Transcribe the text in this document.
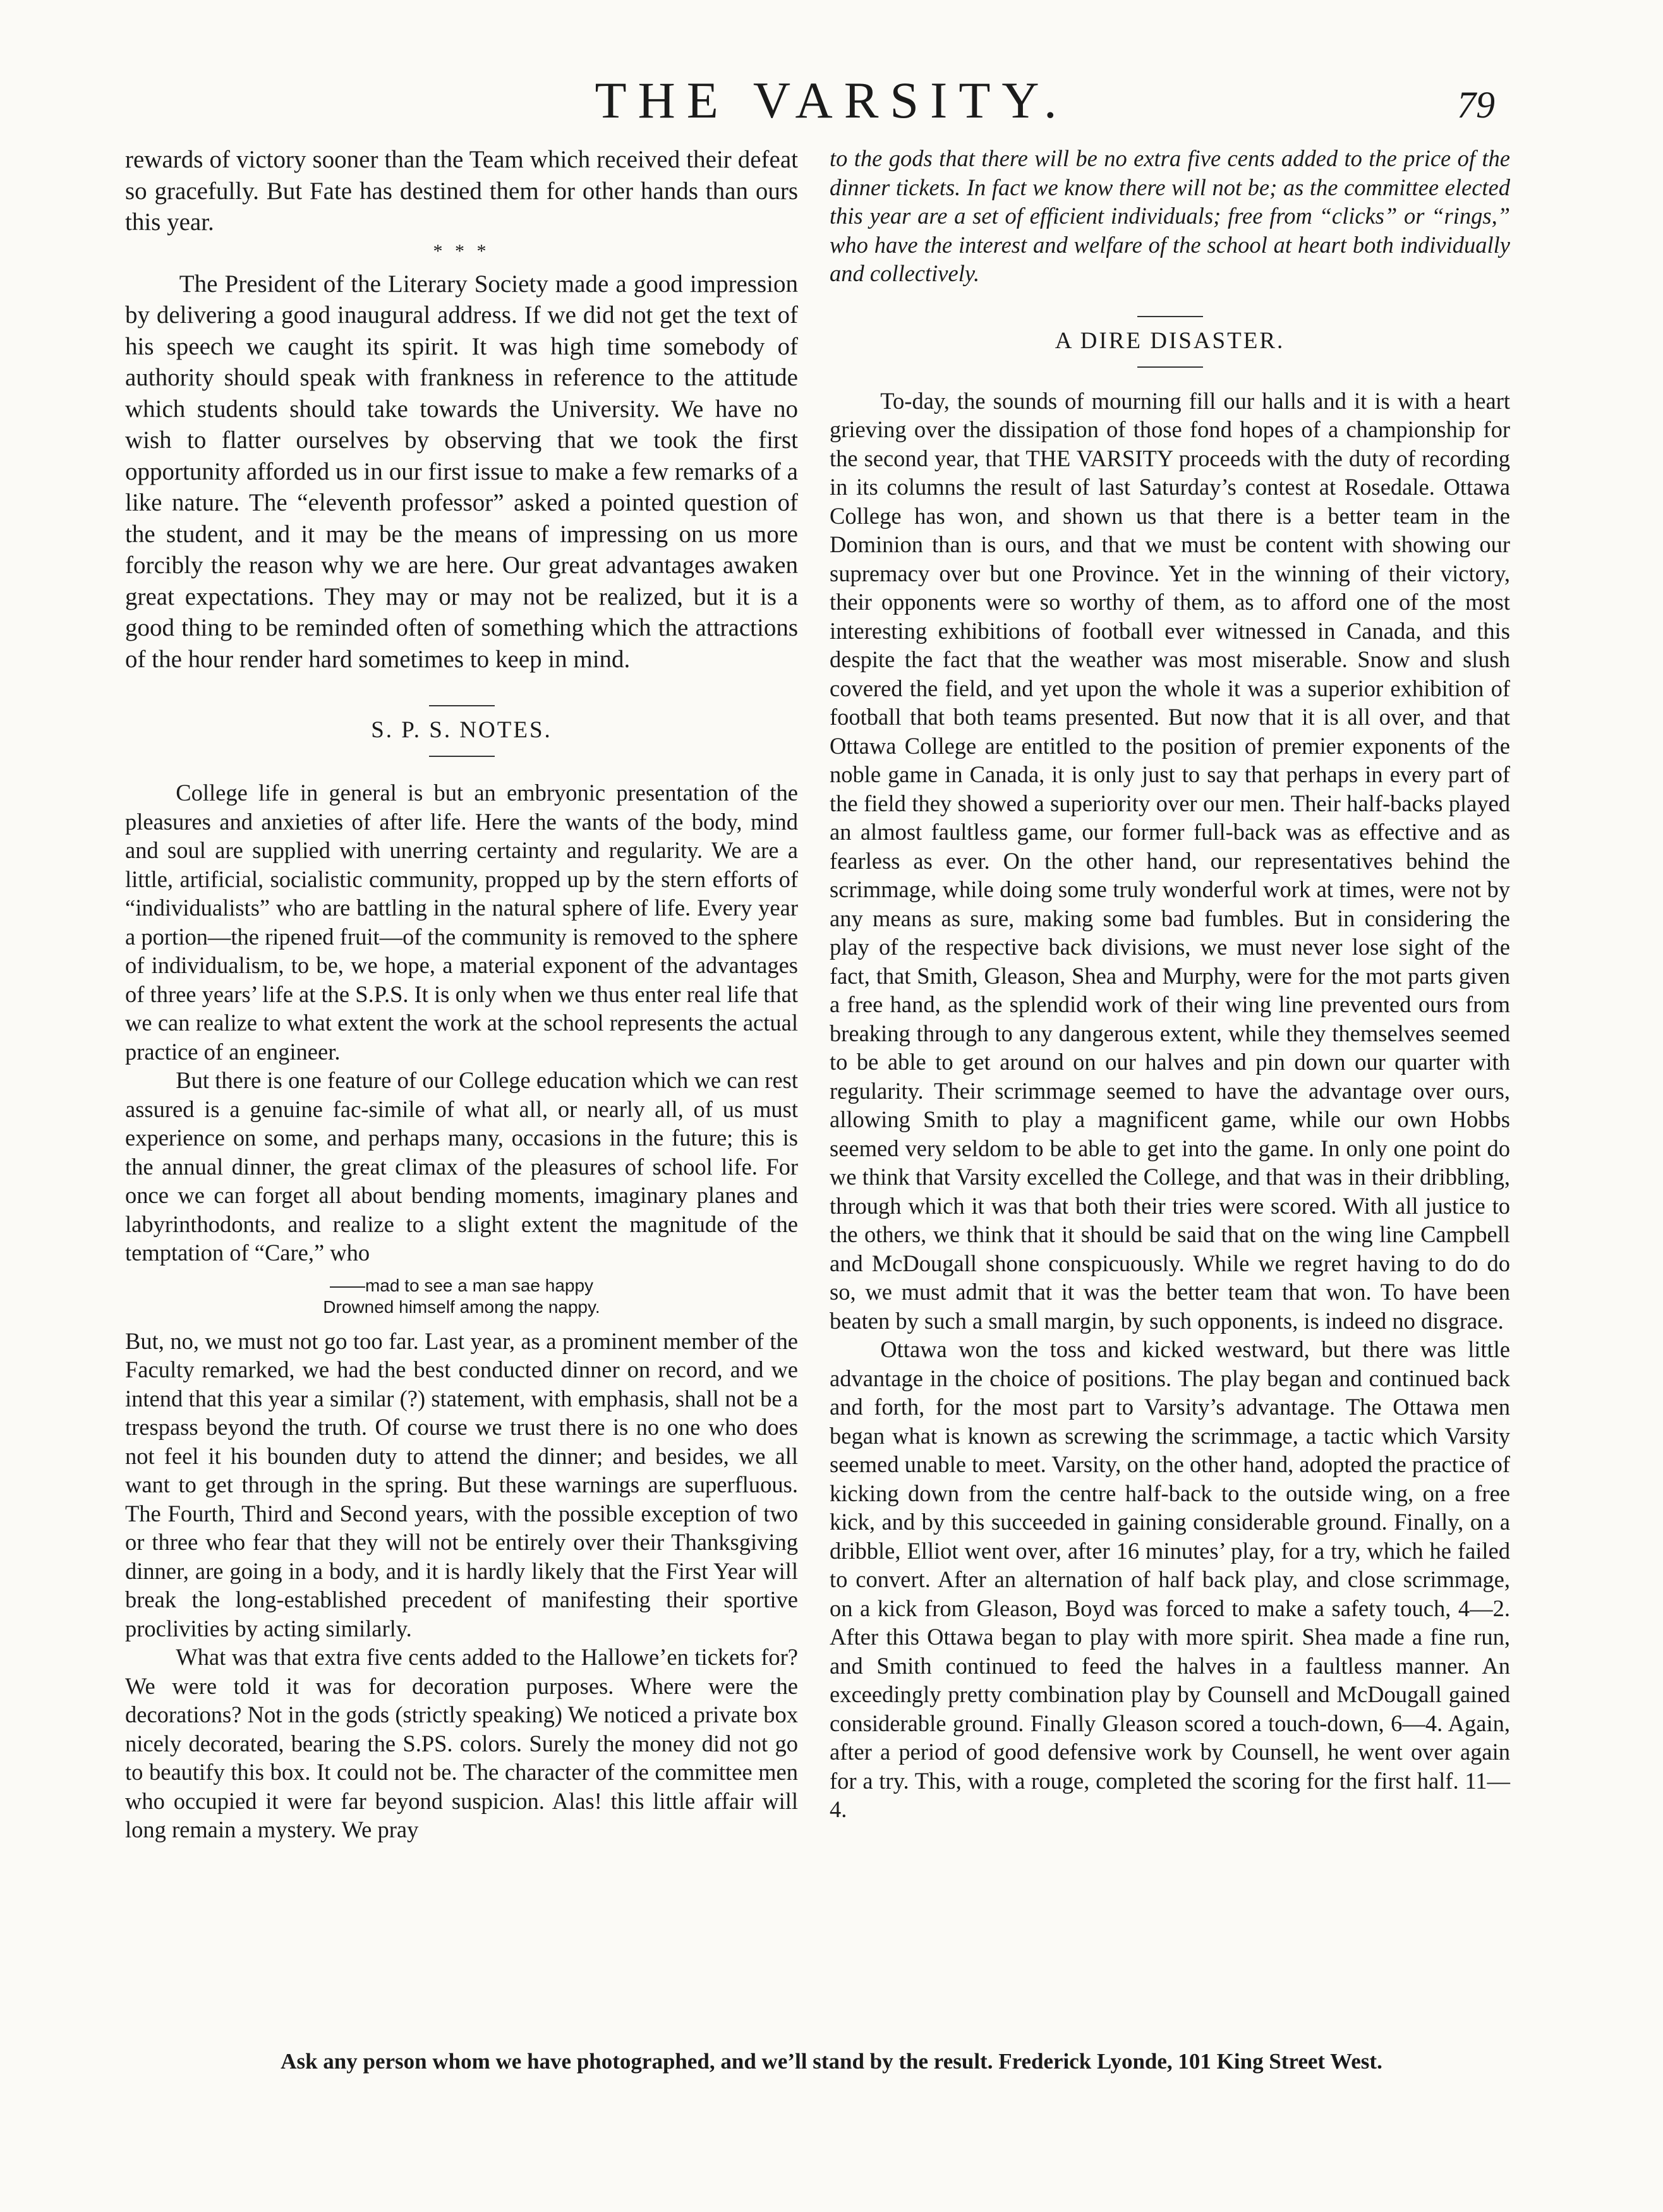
THE VARSITY.	79

rewards of victory sooner than the Team which received their defeat so gracefully. But Fate has destined them for other hands than ours this year.

* * *

The President of the Literary Society made a good impression by delivering a good inaugural address. If we did not get the text of his speech we caught its spirit. It was high time somebody of authority should speak with frankness in reference to the attitude which students should take towards the University. We have no wish to flatter ourselves by observing that we took the first opportunity afforded us in our first issue to make a few remarks of a like nature. The “eleventh professor” asked a pointed question of the student, and it may be the means of impressing on us more forcibly the reason why we are here. Our great advantages awaken great expectations. They may or may not be realized, but it is a good thing to be reminded often of something which the attractions of the hour render hard sometimes to keep in mind.

S. P. S. NOTES.

College life in general is but an embryonic presentation of the pleasures and anxieties of after life. Here the wants of the body, mind and soul are supplied with unerring certainty and regularity. We are a little, artificial, socialistic community, propped up by the stern efforts of “individualists” who are battling in the natural sphere of life. Every year a portion—the ripened fruit—of the community is removed to the sphere of individualism, to be, we hope, a material exponent of the advantages of three years’ life at the S.P.S. It is only when we thus enter real life that we can realize to what extent the work at the school represents the actual practice of an engineer.

But there is one feature of our College education which we can rest assured is a genuine fac-simile of what all, or nearly all, of us must experience on some, and perhaps many, occasions in the future; this is the annual dinner, the great climax of the pleasures of school life. For once we can forget all about bending moments, imaginary planes and labyrinthodonts, and realize to a slight extent the magnitude of the temptation of “Care,” who

——mad to see a man sae happy
Drowned himself among the nappy.

But, no, we must not go too far. Last year, as a prominent member of the Faculty remarked, we had the best conducted dinner on record, and we intend that this year a similar (?) statement, with emphasis, shall not be a trespass beyond the truth. Of course we trust there is no one who does not feel it his bounden duty to attend the dinner; and besides, we all want to get through in the spring. But these warnings are superfluous. The Fourth, Third and Second years, with the possible exception of two or three who fear that they will not be entirely over their Thanksgiving dinner, are going in a body, and it is hardly likely that the First Year will break the long-established precedent of manifesting their sportive proclivities by acting similarly.

What was that extra five cents added to the Hallowe’en tickets for? We were told it was for decoration purposes. Where were the decorations? Not in the gods (strictly speaking) We noticed a private box nicely decorated, bearing the S.PS. colors. Surely the money did not go to beautify this box. It could not be. The character of the committee men who occupied it were far beyond suspicion. Alas! this little affair will long remain a mystery. We pray

to the gods that there will be no extra five cents added to the price of the dinner tickets. In fact we know there will not be; as the committee elected this year are a set of efficient individuals; free from “clicks” or “rings,” who have the interest and welfare of the school at heart both individually and collectively.

A DIRE DISASTER.

To-day, the sounds of mourning fill our halls and it is with a heart grieving over the dissipation of those fond hopes of a championship for the second year, that THE VARSITY proceeds with the duty of recording in its columns the result of last Saturday’s contest at Rosedale. Ottawa College has won, and shown us that there is a better team in the Dominion than is ours, and that we must be content with showing our supremacy over but one Province. Yet in the winning of their victory, their opponents were so worthy of them, as to afford one of the most interesting exhibitions of football ever witnessed in Canada, and this despite the fact that the weather was most miserable. Snow and slush covered the field, and yet upon the whole it was a superior exhibition of football that both teams presented. But now that it is all over, and that Ottawa College are entitled to the position of premier exponents of the noble game in Canada, it is only just to say that perhaps in every part of the field they showed a superiority over our men. Their half-backs played an almost faultless game, our former full-back was as effective and as fearless as ever. On the other hand, our representatives behind the scrimmage, while doing some truly wonderful work at times, were not by any means as sure, making some bad fumbles. But in considering the play of the respective back divisions, we must never lose sight of the fact, that Smith, Gleason, Shea and Murphy, were for the mot parts given a free hand, as the splendid work of their wing line prevented ours from breaking through to any dangerous extent, while they themselves seemed to be able to get around on our halves and pin down our quarter with regularity. Their scrimmage seemed to have the advantage over ours, allowing Smith to play a magnificent game, while our own Hobbs seemed very seldom to be able to get into the game. In only one point do we think that Varsity excelled the College, and that was in their dribbling, through which it was that both their tries were scored. With all justice to the others, we think that it should be said that on the wing line Campbell and McDougall shone conspicuously. While we regret having to do do so, we must admit that it was the better team that won. To have been beaten by such a small margin, by such opponents, is indeed no disgrace.

Ottawa won the toss and kicked westward, but there was little advantage in the choice of positions. The play began and continued back and forth, for the most part to Varsity’s advantage. The Ottawa men began what is known as screwing the scrimmage, a tactic which Varsity seemed unable to meet. Varsity, on the other hand, adopted the practice of kicking down from the centre half-back to the outside wing, on a free kick, and by this succeeded in gaining considerable ground. Finally, on a dribble, Elliot went over, after 16 minutes’ play, for a try, which he failed to convert. After an alternation of half back play, and close scrimmage, on a kick from Gleason, Boyd was forced to make a safety touch, 4—2. After this Ottawa began to play with more spirit. Shea made a fine run, and Smith continued to feed the halves in a faultless manner. An exceedingly pretty combination play by Counsell and McDougall gained considerable ground. Finally Gleason scored a touch-down, 6—4. Again, after a period of good defensive work by Counsell, he went over again for a try. This, with a rouge, completed the scoring for the first half. 11—4.

Ask any person whom we have photographed, and we’ll stand by the result. Frederick Lyonde, 101 King Street West.
